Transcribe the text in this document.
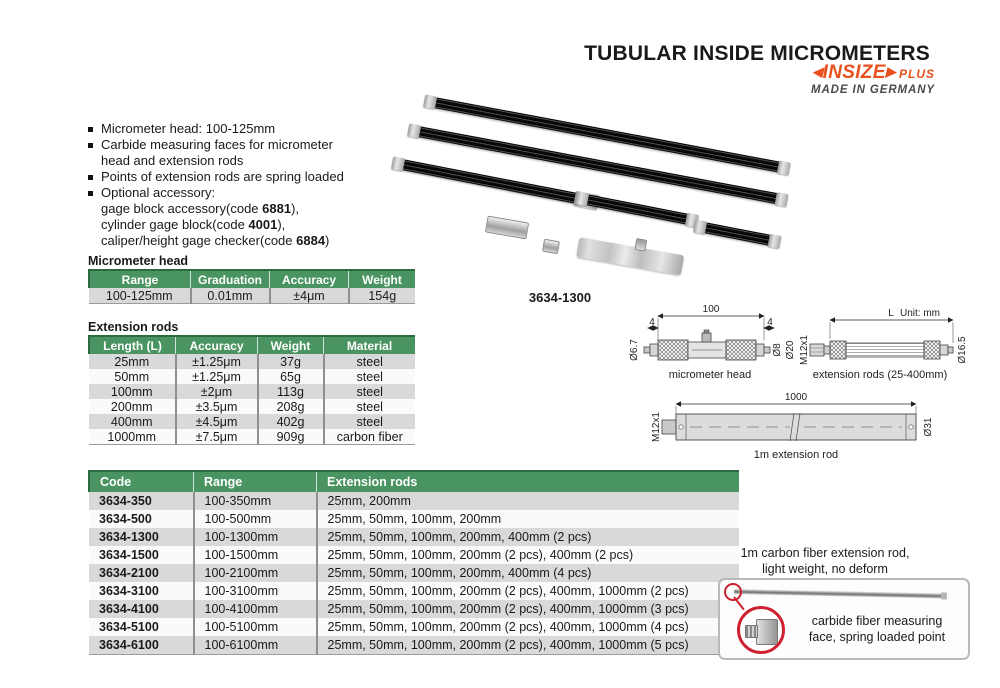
TUBULAR INSIDE MICROMETERS
◀INSIZE▶ PLUS
MADE IN GERMANY
Micrometer head: 100-125mm
Carbide measuring faces for micrometer
head and extension rods
Points of extension rods are spring loaded
Optional accessory:
gage block accessory(code 6881),
cylinder gage block(code 4001),
caliper/height gage checker(code 6884)
Micrometer head
Range	Graduation	Accuracy	Weight
100-125mm	0.01mm	±4μm	154g
Extension rods
Length (L)	Accuracy	Weight	Material
25mm	±1.25μm	37g	steel
50mm	±1.25μm	65g	steel
100mm	±2μm	113g	steel
200mm	±3.5μm	208g	steel
400mm	±4.5μm	402g	steel
1000mm	±7.5μm	909g	carbon fiber
Code	Range	Extension rods
3634-350	100-350mm	25mm, 200mm
3634-500	100-500mm	25mm, 50mm, 100mm, 200mm
3634-1300	100-1300mm	25mm, 50mm, 100mm, 200mm, 400mm (2 pcs)
3634-1500	100-1500mm	25mm, 50mm, 100mm, 200mm (2 pcs), 400mm (2 pcs)
3634-2100	100-2100mm	25mm, 50mm, 100mm, 200mm, 400mm (4 pcs)
3634-3100	100-3100mm	25mm, 50mm, 100mm, 200mm (2 pcs), 400mm, 1000mm (2 pcs)
3634-4100	100-4100mm	25mm, 50mm, 100mm, 200mm (2 pcs), 400mm, 1000mm (3 pcs)
3634-5100	100-5100mm	25mm, 50mm, 100mm, 200mm (2 pcs), 400mm, 1000mm (4 pcs)
3634-6100	100-6100mm	25mm, 50mm, 100mm, 200mm (2 pcs), 400mm, 1000mm (5 pcs)
3634-1300
Unit: mm
100
4	4
Ø6.7	Ø8 Ø20
micrometer head
L
M12x1	Ø16.5
extension rods (25-400mm)
1000
M12x1	Ø31
1m extension rod
1m carbon fiber extension rod,
light weight, no deform
carbide fiber measuring
face, spring loaded point
